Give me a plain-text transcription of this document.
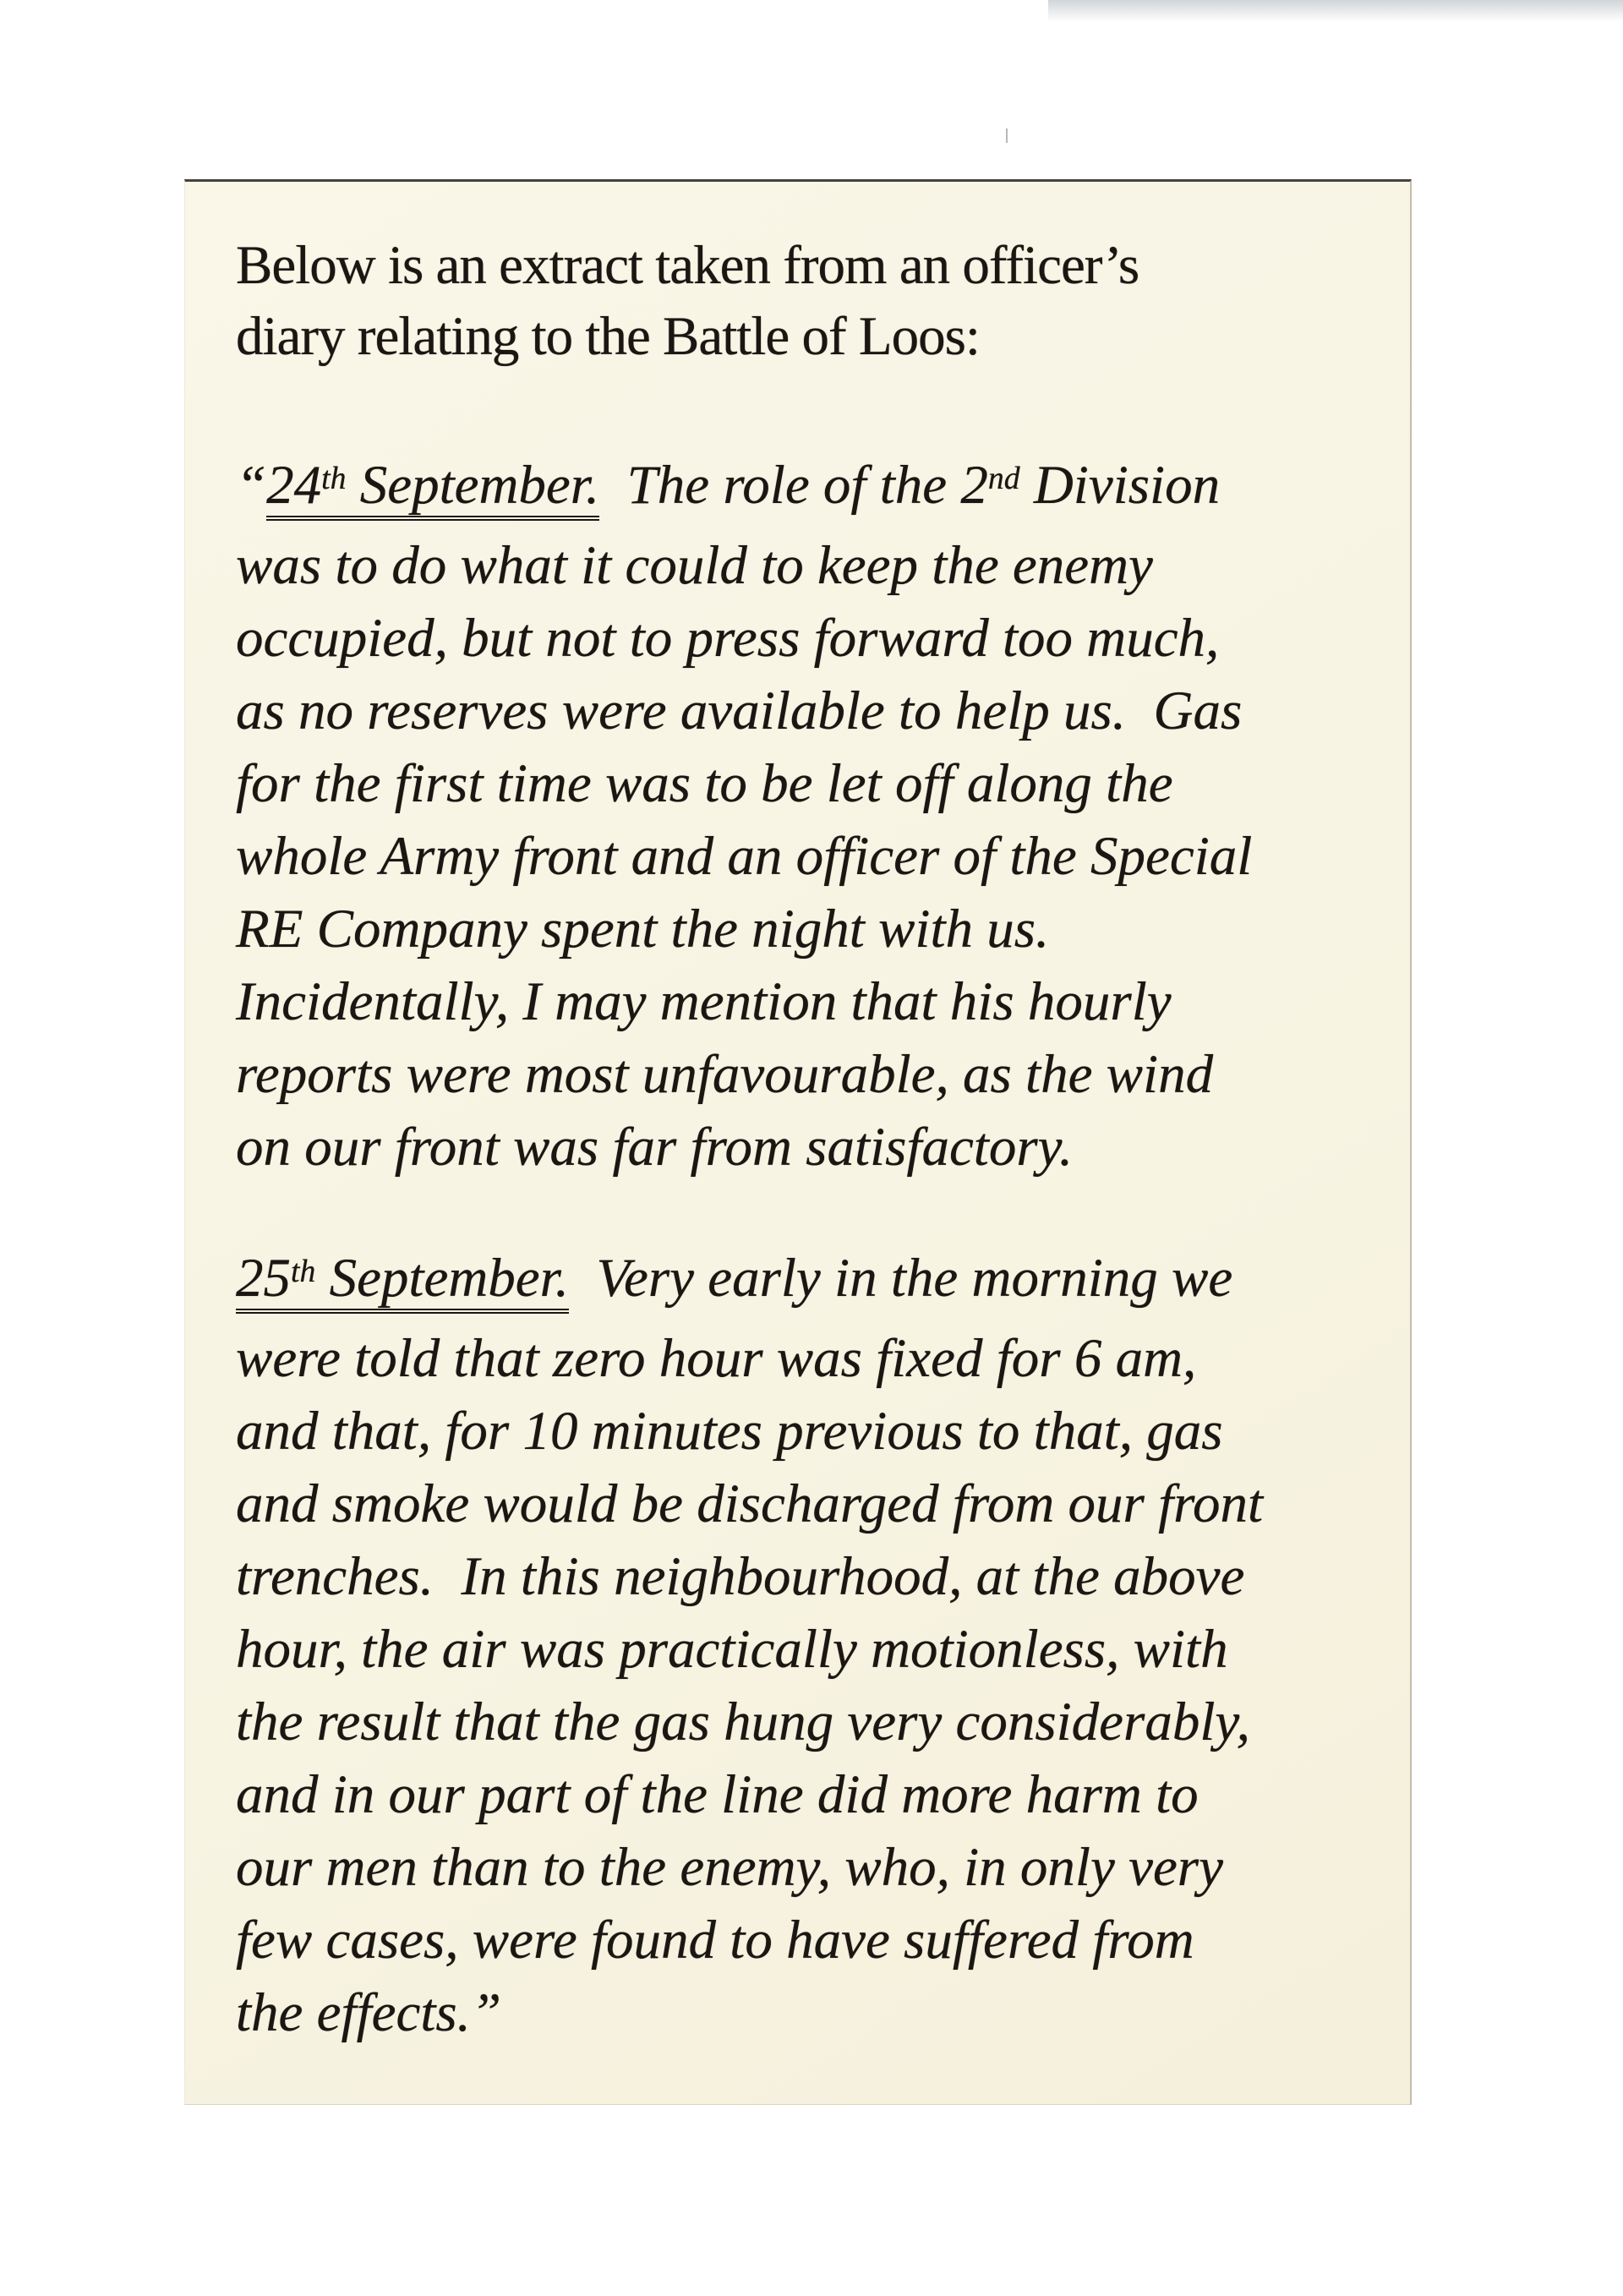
Below is an extract taken from an officer’s
diary relating to the Battle of Loos:
“24th September.  The role of the 2nd Division
was to do what it could to keep the enemy
occupied, but not to press forward too much,
as no reserves were available to help us.  Gas
for the first time was to be let off along the
whole Army front and an officer of the Special
RE Company spent the night with us.
Incidentally, I may mention that his hourly
reports were most unfavourable, as the wind
on our front was far from satisfactory.
25th September.  Very early in the morning we
were told that zero hour was fixed for 6 am,
and that, for 10 minutes previous to that, gas
and smoke would be discharged from our front
trenches.  In this neighbourhood, at the above
hour, the air was practically motionless, with
the result that the gas hung very considerably,
and in our part of the line did more harm to
our men than to the enemy, who, in only very
few cases, were found to have suffered from
the effects.”
